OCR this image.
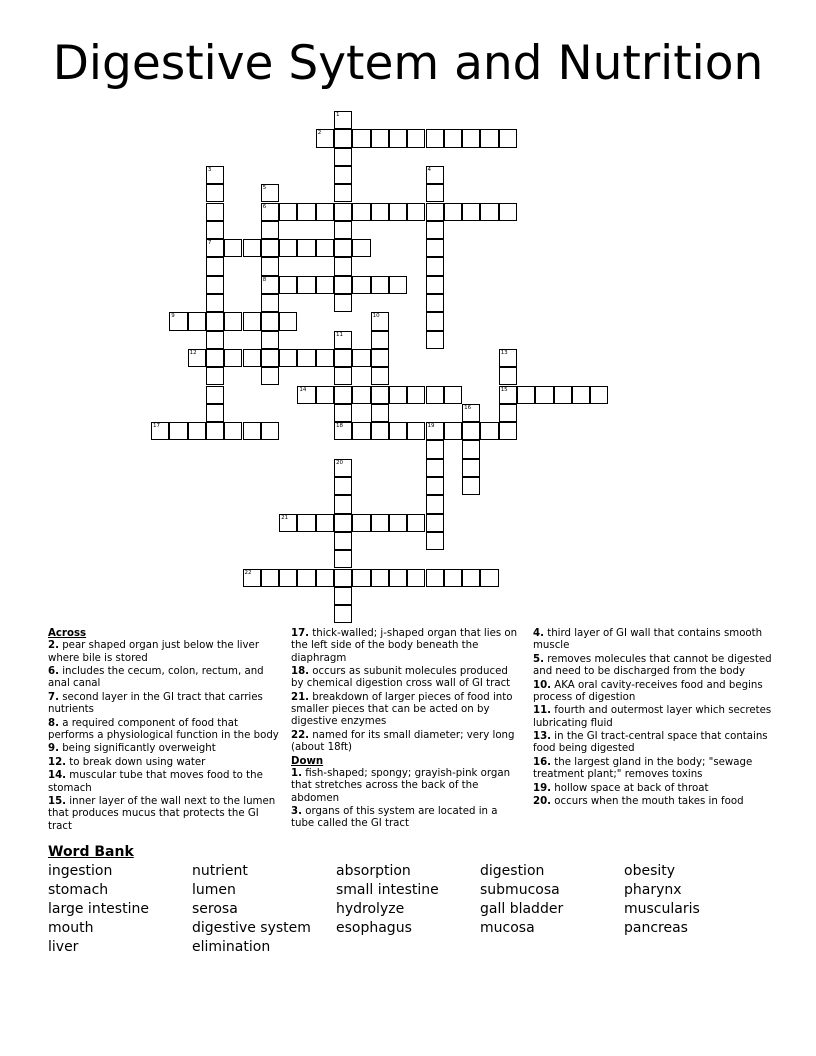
Digestive Sytem and Nutrition
1
2
3
7
4
5
6
8
9	10
11
18
12	13
15
14
16
17	19
20
21
22
Across
2. pear shaped organ just below the liver where bile is stored
6. includes the cecum, colon, rectum, and anal canal
7. second layer in the GI tract that carries nutrients
8. a required component of food that performs a physiological function in the body
9. being significantly overweight
12. to break down using water
14. muscular tube that moves food to the stomach
15. inner layer of the wall next to the lumen that produces mucus that protects the GI tract
17. thick-walled; j-shaped organ that lies on the left side of the body beneath the diaphragm
18. occurs as subunit molecules produced by chemical digestion cross wall of GI tract
21. breakdown of larger pieces of food into smaller pieces that can be acted on by digestive enzymes
22. named for its small diameter; very long (about 18ft)
Down
1. fish-shaped; spongy; grayish-pink organ that stretches across the back of the abdomen
3. organs of this system are located in a tube called the GI tract
4. third layer of GI wall that contains smooth muscle
5. removes molecules that cannot be digested and need to be discharged from the body
10. AKA oral cavity-receives food and begins process of digestion
11. fourth and outermost layer which secretes lubricating fluid
13. in the GI tract-central space that contains food being digested
16. the largest gland in the body; "sewage treatment plant;" removes toxins
19. hollow space at back of throat
20. occurs when the mouth takes in food
Word Bank
ingestion	nutrient	absorption	digestion	obesity
stomach	lumen	small intestine	submucosa	pharynx
large intestine	serosa	hydrolyze	gall bladder	muscularis
mouth	digestive system	esophagus	mucosa	pancreas
liver	elimination
